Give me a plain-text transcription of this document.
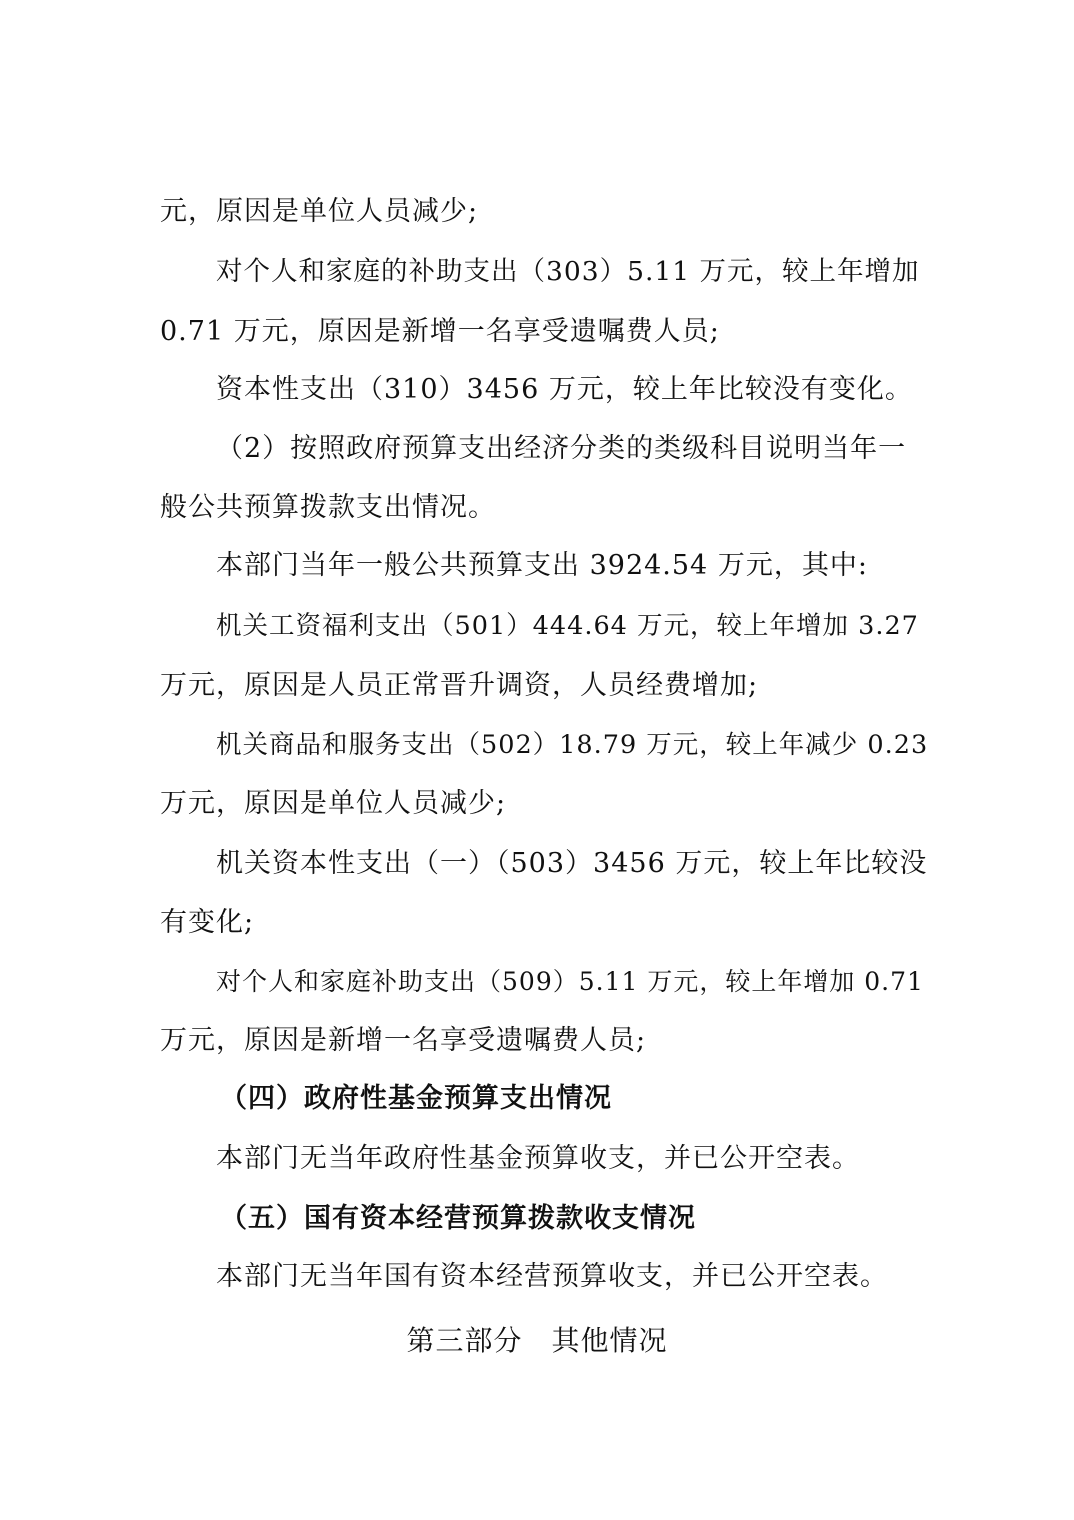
元，原因是单位人员减少;
对个人和家庭的补助支出（303）5.11 万元，较上年增加
0.71 万元，原因是新增一名享受遗嘱费人员;
资本性支出（310）3456 万元，较上年比较没有变化。
（2）按照政府预算支出经济分类的类级科目说明当年一
般公共预算拨款支出情况。
本部门当年一般公共预算支出 3924.54 万元，其中:
机关工资福利支出（501）444.64 万元，较上年增加 3.27
万元，原因是人员正常晋升调资，人员经费增加;
机关商品和服务支出（502）18.79 万元，较上年减少 0.23
万元，原因是单位人员减少;
机关资本性支出（一）（503）3456 万元，较上年比较没
有变化;
对个人和家庭补助支出（509）5.11 万元，较上年增加 0.71
万元，原因是新增一名享受遗嘱费人员;
（四）政府性基金预算支出情况
本部门无当年政府性基金预算收支，并已公开空表。
（五）国有资本经营预算拨款收支情况
本部门无当年国有资本经营预算收支，并已公开空表。
第三部分　其他情况
